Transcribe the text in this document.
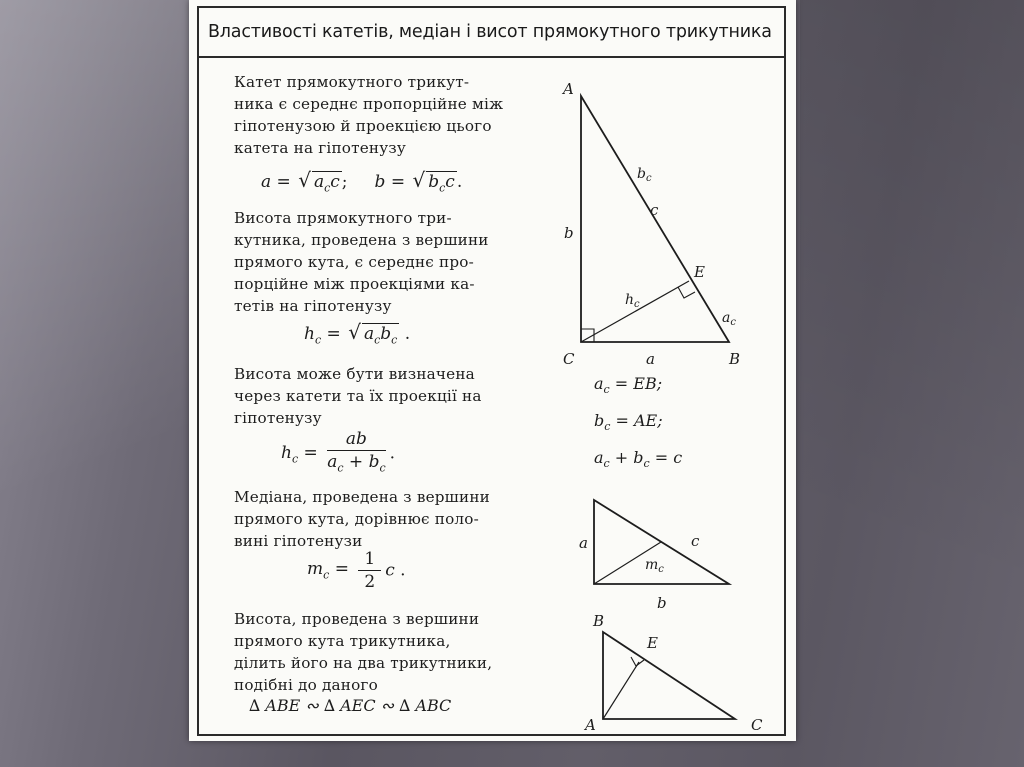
Властивості катетів, медіан і висот прямокутного трикутника
Катет прямокутного трикут-
ника є середнє пропорційне між
гіпотенузою й проекцією цього
катета на гіпотенузу
a = √ $a_cc$ ; b = √ $b_cc$ .
Висота прямокутного три-
кутника, проведена з вершини
прямого кута, є середнє про-
порційне між проекціями ка-
тетів на гіпотенузу
$h_c$ = √ $a_cb_c$ .
Висота може бути визначена
через катети та їх проекції на
гіпотенузу
$h_c = \frac{ab}{a_c + b_c}$ .
Медіана, проведена з вершини
прямого кута, дорівнює поло-
вині гіпотенузи
$m_c = \frac{1}{2}$ c .
Висота, проведена з вершини
прямого кута трикутника,
ділить його на два трикутники,
подібні до даного
∆ ABE ∾ ∆ AEC ∾ ∆ ABC
A
C	B
E
b
a
c
$b_c$
$h_c$
$a_c$
$a_c$ = EB;
$b_c$ = AE;
$a_c + b_c = c$
a	c
b
$m_c$
B
E
A	C
